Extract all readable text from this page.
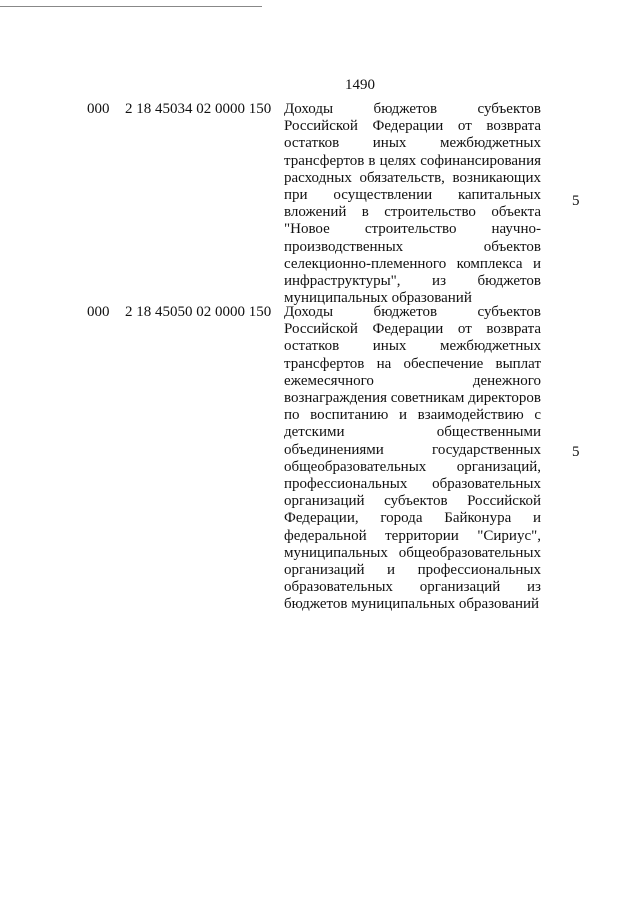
1490
000 2 18 45034 02 0000 150 Доходы бюджетов субъектов
Российской Федерации от возврата
остатков иных межбюджетных
трансфертов в целях софинансирования
расходных обязательств, возникающих
при осуществлении капитальных
вложений в строительство объекта
"Новое строительство научно-
производственных объектов
селекционно-племенного комплекса и
инфраструктуры", из бюджетов
муниципальных образований
5
000 2 18 45050 02 0000 150 Доходы бюджетов субъектов
Российской Федерации от возврата
остатков иных межбюджетных
трансфертов на обеспечение выплат
ежемесячного денежного
вознаграждения советникам директоров
по воспитанию и взаимодействию с
детскими общественными
объединениями государственных
общеобразовательных организаций,
профессиональных образовательных
организаций субъектов Российской
Федерации, города Байконура и
федеральной территории "Сириус",
муниципальных общеобразовательных
организаций и профессиональных
образовательных организаций из
бюджетов муниципальных образований
5
